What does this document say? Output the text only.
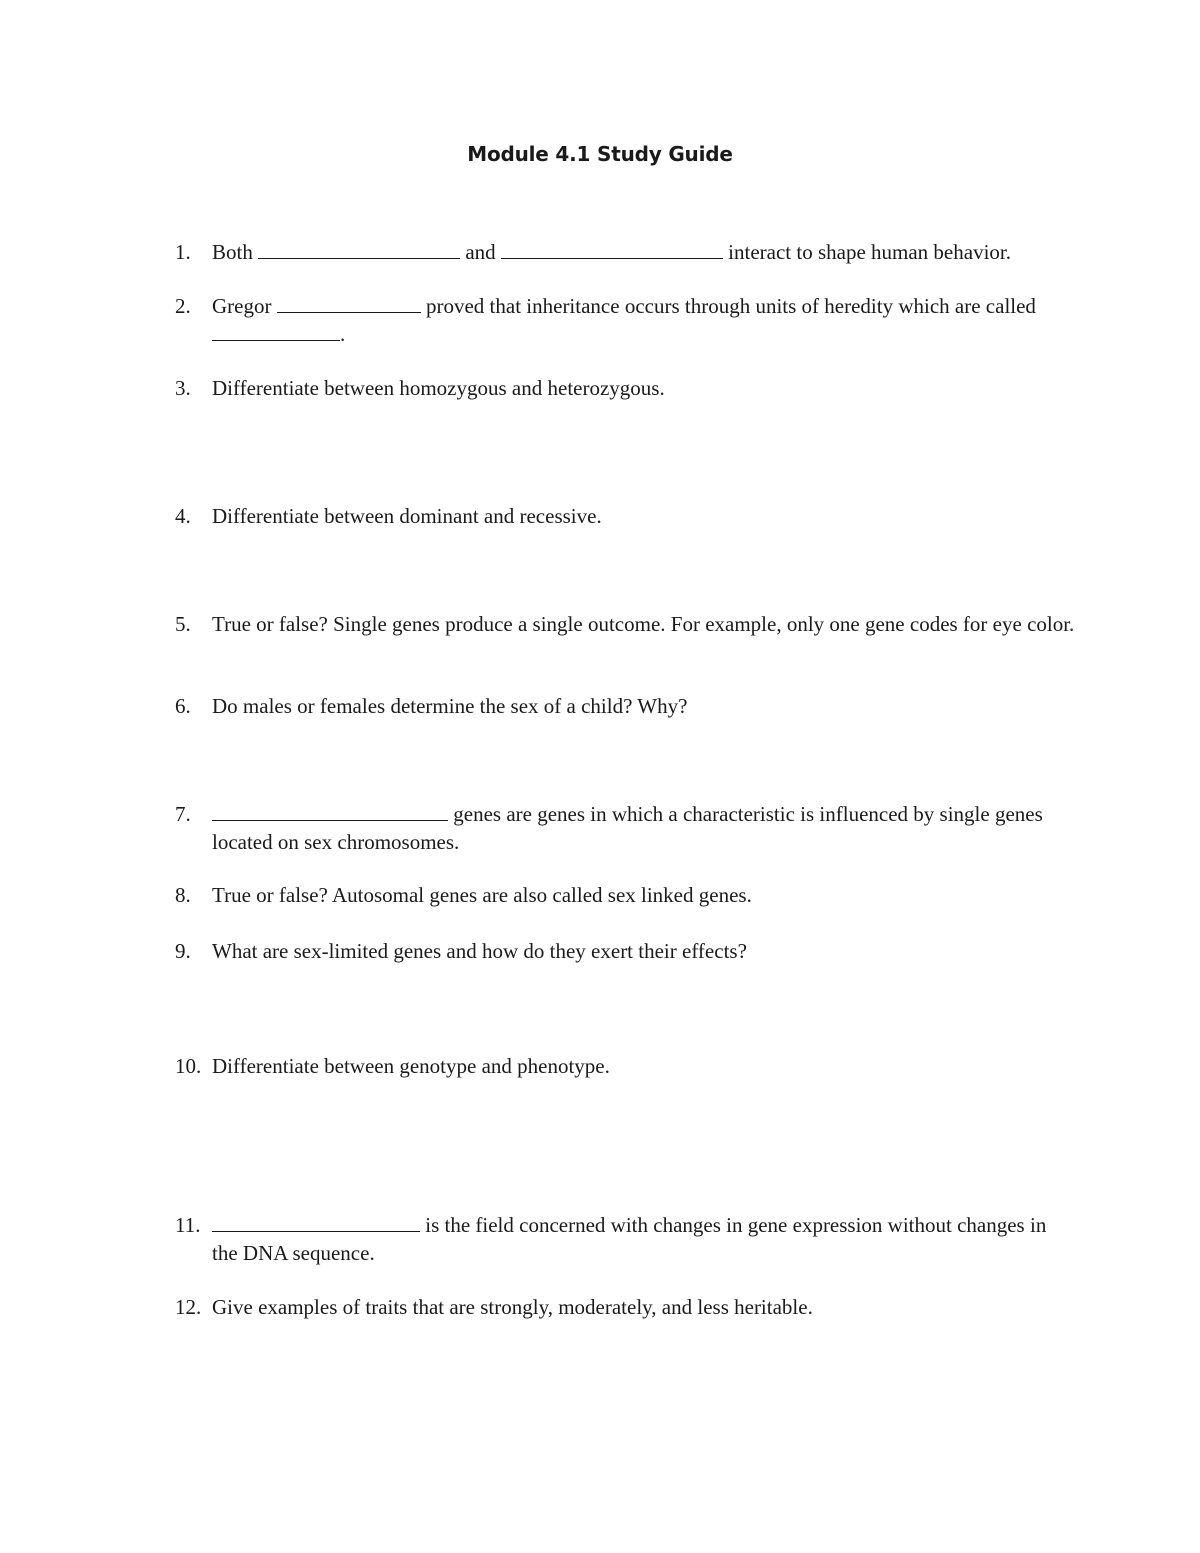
Module 4.1 Study Guide
1.	Both	and	interact to shape human behavior.
2.	Gregor	proved that inheritance occurs through units of heredity which are called .
3.	Differentiate between homozygous and heterozygous.
4.	Differentiate between dominant and recessive.
5.	True or false? Single genes produce a single outcome. For example, only one gene codes for eye color.
6.	Do males or females determine the sex of a child? Why?
7.	genes are genes in which a characteristic is influenced by single genes located on sex chromosomes.
8.	True or false? Autosomal genes are also called sex linked genes.
9.	What are sex-limited genes and how do they exert their effects?
10. Differentiate between genotype and phenotype.
11.	is the field concerned with changes in gene expression without changes in the DNA sequence.
12. Give examples of traits that are strongly, moderately, and less heritable.
